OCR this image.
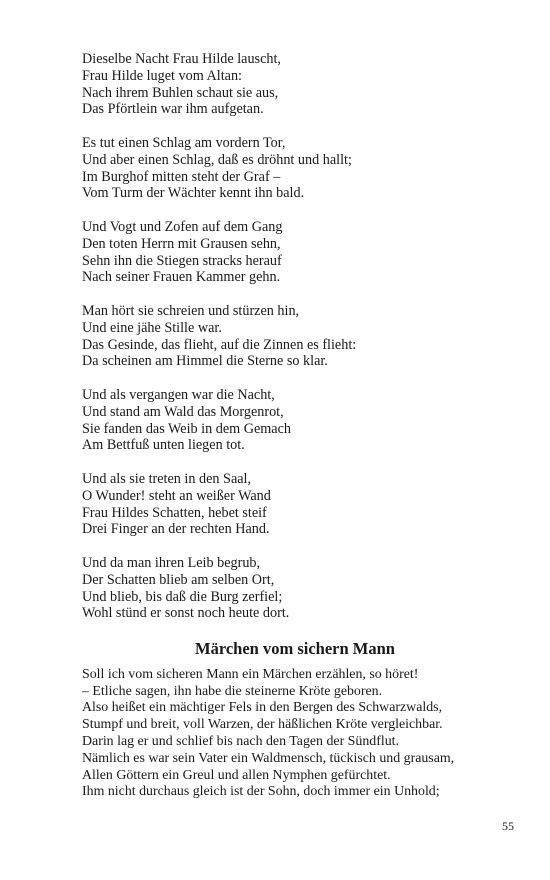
Dieselbe Nacht Frau Hilde lauscht,
Frau Hilde luget vom Altan:
Nach ihrem Buhlen schaut sie aus,
Das Pförtlein war ihm aufgetan.
Es tut einen Schlag am vordern Tor,
Und aber einen Schlag, daß es dröhnt und hallt;
Im Burghof mitten steht der Graf –
Vom Turm der Wächter kennt ihn bald.
Und Vogt und Zofen auf dem Gang
Den toten Herrn mit Grausen sehn,
Sehn ihn die Stiegen stracks herauf
Nach seiner Frauen Kammer gehn.
Man hört sie schreien und stürzen hin,
Und eine jähe Stille war.
Das Gesinde, das flieht, auf die Zinnen es flieht:
Da scheinen am Himmel die Sterne so klar.
Und als vergangen war die Nacht,
Und stand am Wald das Morgenrot,
Sie fanden das Weib in dem Gemach
Am Bettfuß unten liegen tot.
Und als sie treten in den Saal,
O Wunder! steht an weißer Wand
Frau Hildes Schatten, hebet steif
Drei Finger an der rechten Hand.
Und da man ihren Leib begrub,
Der Schatten blieb am selben Ort,
Und blieb, bis daß die Burg zerfiel;
Wohl stünd er sonst noch heute dort.
Märchen vom sichern Mann
Soll ich vom sicheren Mann ein Märchen erzählen, so höret!
– Etliche sagen, ihn habe die steinerne Kröte geboren.
Also heißet ein mächtiger Fels in den Bergen des Schwarzwalds,
Stumpf und breit, voll Warzen, der häßlichen Kröte vergleichbar.
Darin lag er und schlief bis nach den Tagen der Sündflut.
Nämlich es war sein Vater ein Waldmensch, tückisch und grausam,
Allen Göttern ein Greul und allen Nymphen gefürchtet.
Ihm nicht durchaus gleich ist der Sohn, doch immer ein Unhold;
55
